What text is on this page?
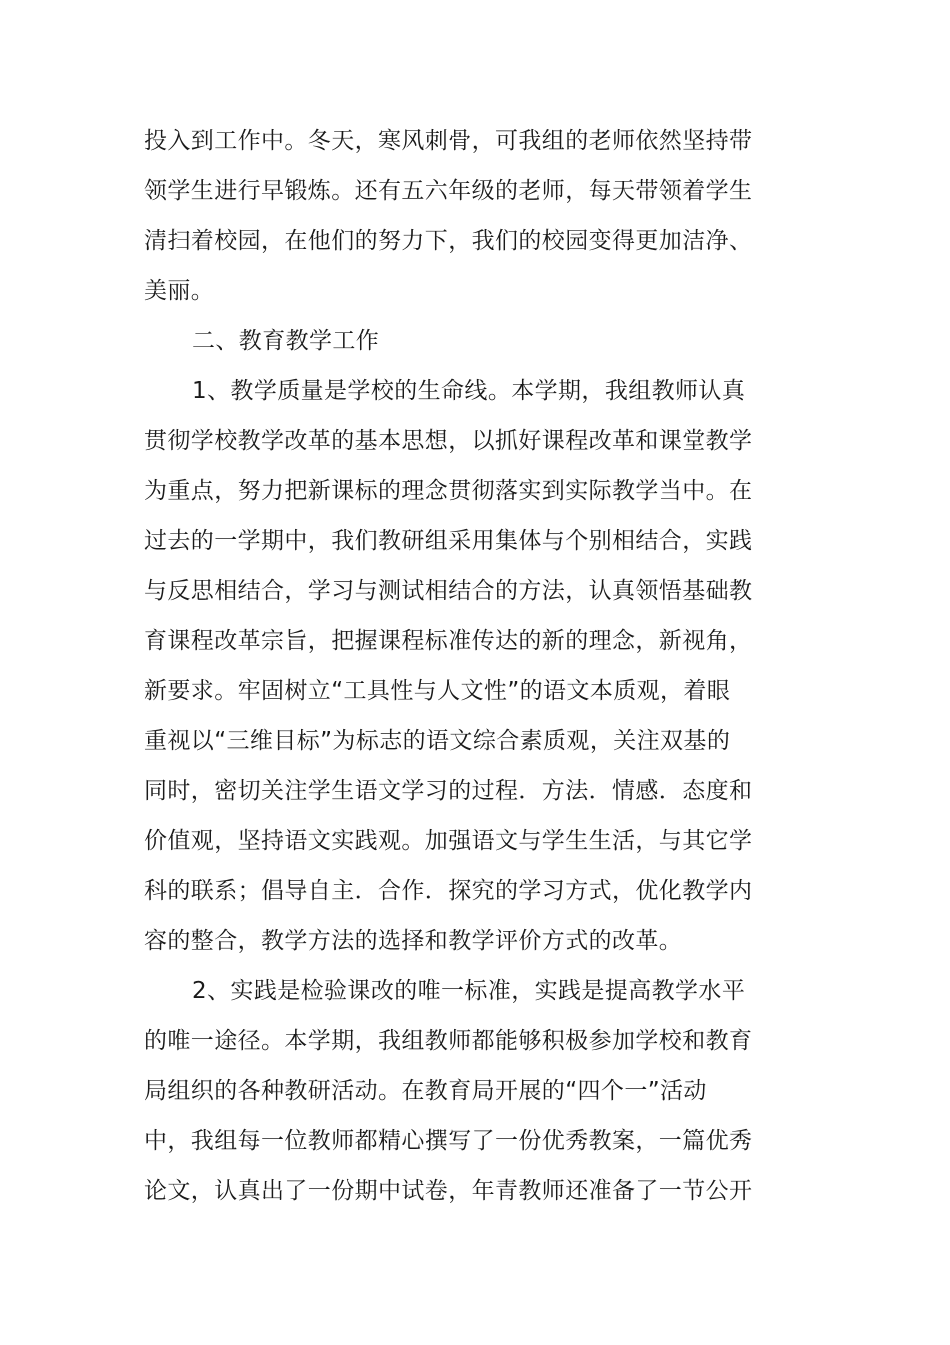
投入到工作中。冬天，寒风刺骨，可我组的老师依然坚持带
领学生进行早锻炼。还有五六年级的老师，每天带领着学生
清扫着校园，在他们的努力下，我们的校园变得更加洁净、
美丽。
二、教育教学工作
1、教学质量是学校的生命线。本学期，我组教师认真
贯彻学校教学改革的基本思想，以抓好课程改革和课堂教学
为重点，努力把新课标的理念贯彻落实到实际教学当中。在
过去的一学期中，我们教研组采用集体与个别相结合，实践
与反思相结合，学习与测试相结合的方法，认真领悟基础教
育课程改革宗旨，把握课程标准传达的新的理念，新视角，
新要求。牢固树立“工具性与人文性”的语文本质观，着眼
重视以“三维目标”为标志的语文综合素质观，关注双基的
同时，密切关注学生语文学习的过程．方法．情感．态度和
价值观，坚持语文实践观。加强语文与学生生活，与其它学
科的联系；倡导自主．合作．探究的学习方式，优化教学内
容的整合，教学方法的选择和教学评价方式的改革。
2、实践是检验课改的唯一标准，实践是提高教学水平
的唯一途径。本学期，我组教师都能够积极参加学校和教育
局组织的各种教研活动。在教育局开展的“四个一”活动
中，我组每一位教师都精心撰写了一份优秀教案，一篇优秀
论文，认真出了一份期中试卷，年青教师还准备了一节公开
